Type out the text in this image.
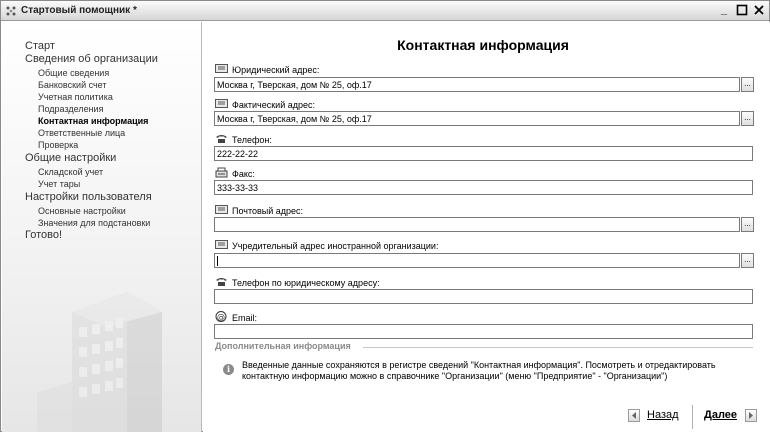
Стартовый помощник *	_
Старт
Сведения об организации
Общие сведения
Банковский счет
Учетная политика
Подразделения
Контактная информация
Ответственные лица
Проверка
Общие настройки
Складской учет
Учет тары
Настройки пользователя
Основные настройки
Значения для подстановки
Готово!
Контактная информация
Юридический адрес:
Москва г, Тверская, дом № 25, оф.17	...
Фактический адрес:
Москва г, Тверская, дом № 25, оф.17	...
Телефон:
222-22-22
Факс:
333-33-33
Почтовый адрес:
...
Учредительный адрес иностранной организации:
...
Телефон по юридическому адресу:
@ Email:
Дополнительная информация
i	Введенные данные сохраняются в регистре сведений "Контактная информация". Посмотреть и отредактировать контактную информацию можно в справочнике "Организации" (меню "Предприятие" - "Организации")
Назад Далее
